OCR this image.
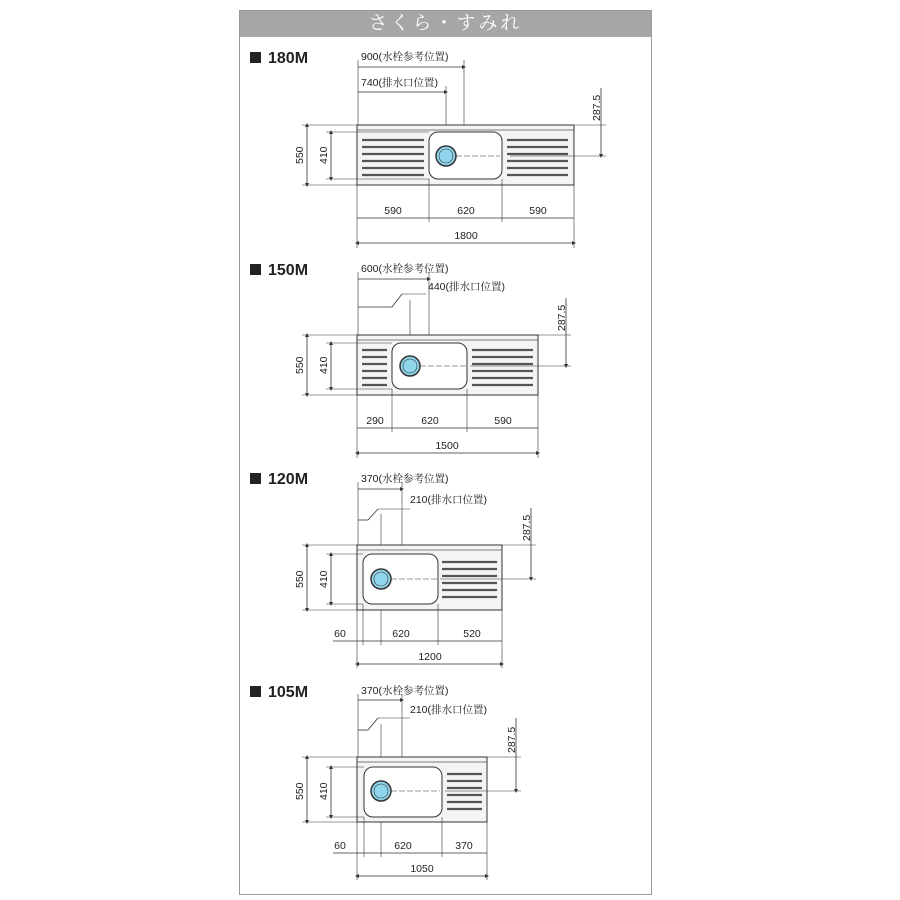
さくら・すみれ
180M	900(水栓参考位置)
740(排水口位置)
287.5
550 410
590	620	590
1800
150M	600(水栓参考位置)
440(排水口位置)
287.5
550 410
290	620	590
1500
120M	370(水栓参考位置)
210(排水口位置)
287.5
550 410
60	620	520
1200
105M	370(水栓参考位置)
210(排水口位置)
287.5
550 410
60	620	370
1050
